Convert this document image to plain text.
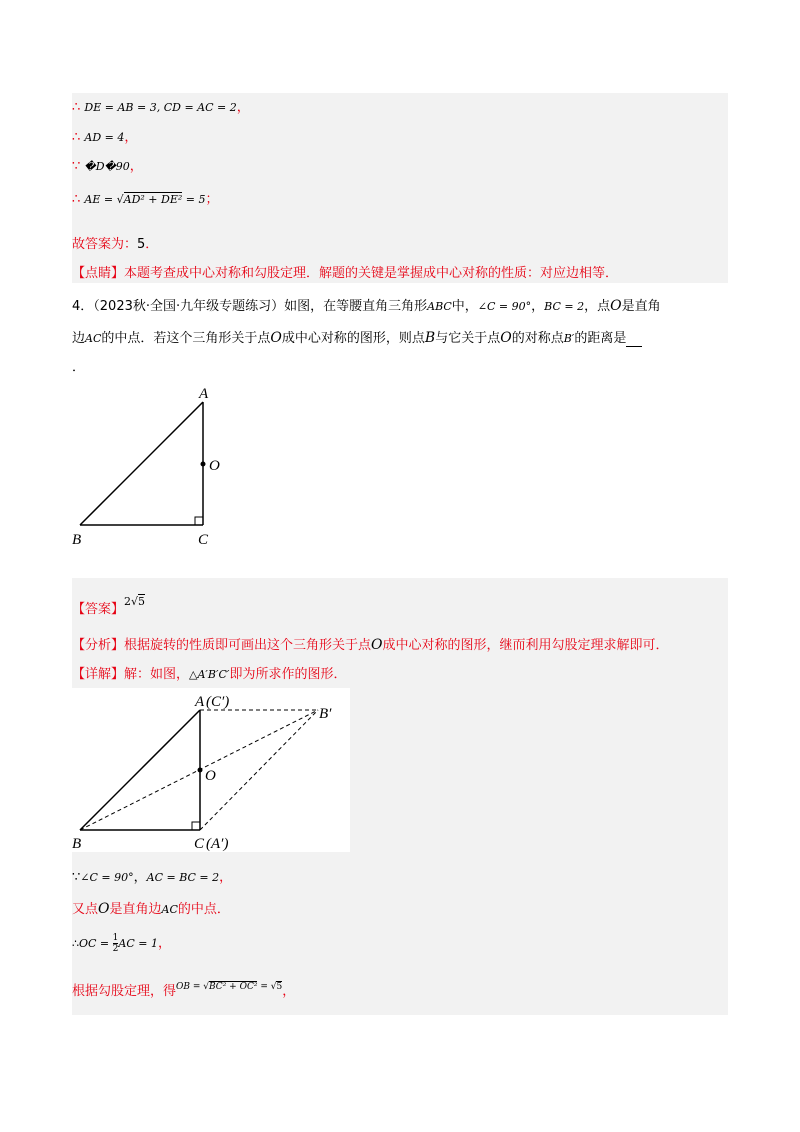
∴ DE = AB = 3, CD = AC = 2，
∴ AD = 4，
∵ �D�90，
∴ AE = √AD² + DE² = 5；
故答案为：5．
【点睛】本题考查成中心对称和勾股定理．解题的关键是掌握成中心对称的性质：对应边相等．
4．（2023秋·全国·九年级专题练习）如图，在等腰直角三角形ABC中，∠C = 90°，BC = 2，点O是直角
边AC的中点．若这个三角形关于点O成中心对称的图形，则点B与它关于点O的对称点B′的距离是
．
A
O
B	C
【答案】2√5
【分析】根据旋转的性质即可画出这个三角形关于点O成中心对称的图形，继而利用勾股定理求解即可．
【详解】解：如图，△A′B′C′即为所求作的图形．
A (C′)
B′
O
B	C (A′)
∵∠C = 90°，AC = BC = 2，
又点O是直角边AC的中点．
∴OC = $\frac{1}{2}$ AC = 1，
根据勾股定理，得$^{OB = √BC^2 + OC^2 = √5}$，
